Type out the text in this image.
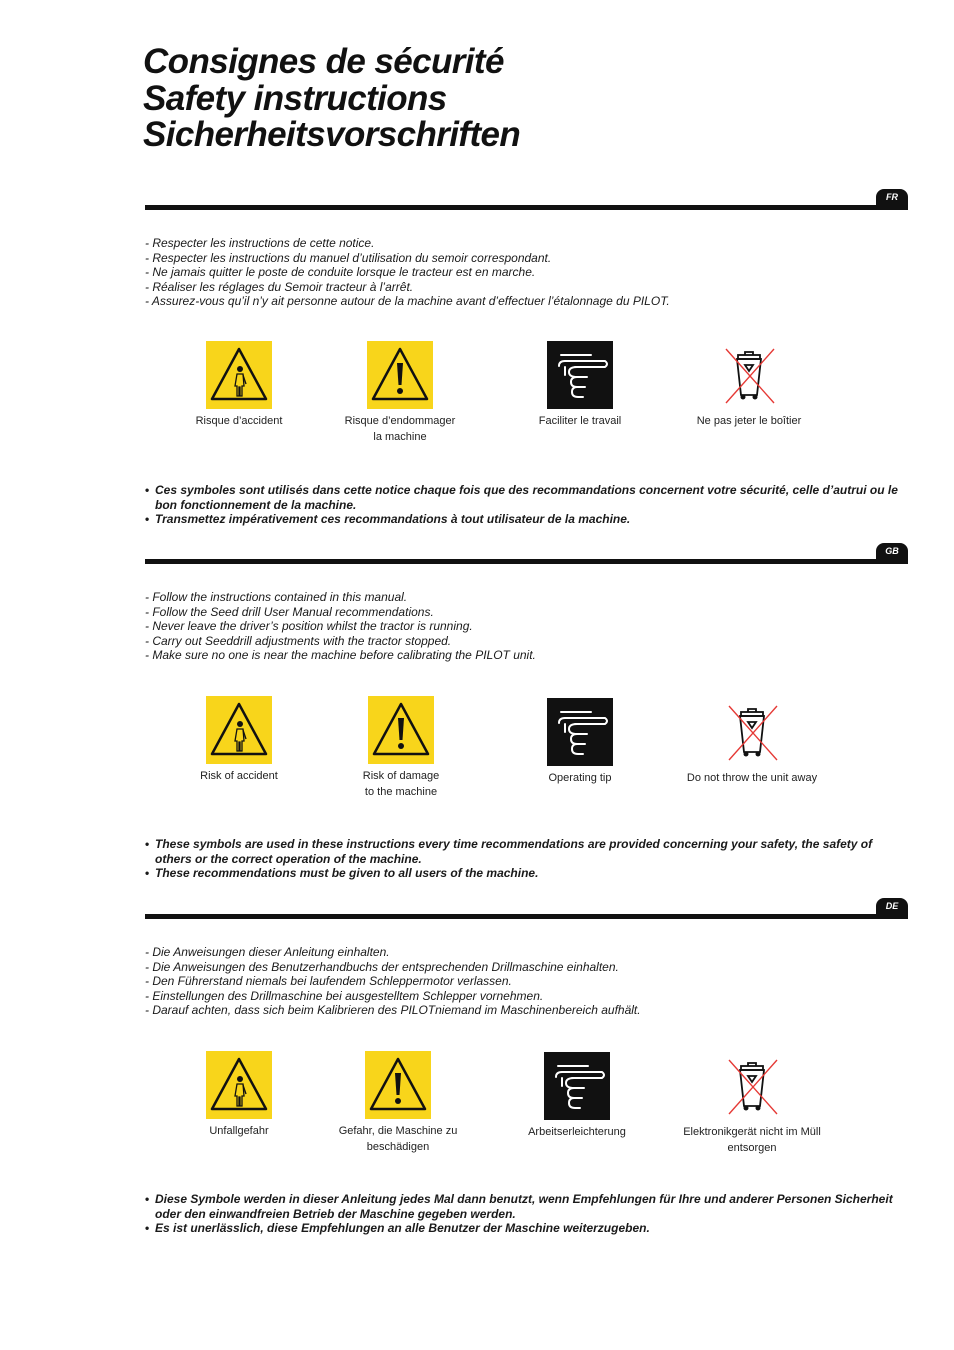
Consignes de sécurité
Safety instructions
Sicherheitsvorschriften
FR
- Respecter les instructions de cette notice.
- Respecter les instructions du manuel d’utilisation du semoir correspondant.
- Ne jamais quitter le poste de conduite lorsque le tracteur est en marche.
- Réaliser les réglages du Semoir tracteur à l’arrêt.
- Assurez-vous qu’il n’y ait personne autour de la machine avant d’effectuer l’étalonnage du PILOT.
Risque d’accident	Risque d’endommager
la machine
Faciliter le travail	Ne pas jeter le boîtier
• Ces symboles sont utilisés dans cette notice chaque fois que des recommandations concernent votre sécurité, celle d’autrui ou le bon fonctionnement de la machine.
• Transmettez impérativement ces recommandations à tout utilisateur de la machine.
GB
- Follow the instructions contained in this manual.
- Follow the Seed drill User Manual recommendations.
- Never leave the driver’s position whilst the tractor is running.
- Carry out Seeddrill adjustments with the tractor stopped.
- Make sure no one is near the machine before calibrating the PILOT unit.
Risk of accident	Risk of damage
to the machine
Operating tip	Do not throw the unit away
• These symbols are used in these instructions every time recommendations are provided concerning your safety, the safety of others or the correct operation of the machine.
• These recommendations must be given to all users of the machine.
DE
- Die Anweisungen dieser Anleitung einhalten.
- Die Anweisungen des Benutzerhandbuchs der entsprechenden Drillmaschine einhalten.
- Den Führerstand niemals bei laufendem Schleppermotor verlassen.
- Einstellungen des Drillmaschine bei ausgestelltem Schlepper vornehmen.
- Darauf achten, dass sich beim Kalibrieren des PILOTniemand im Maschinenbereich aufhält.
Unfallgefahr	Gefahr, die Maschine zu
beschädigen
Arbeitserleichterung	Elektronikgerät nicht im Müll
entsorgen
• Diese Symbole werden in dieser Anleitung jedes Mal dann benutzt, wenn Empfehlungen für Ihre und anderer Personen Sicherheit oder den einwandfreien Betrieb der Maschine gegeben werden.
• Es ist unerlässlich, diese Empfehlungen an alle Benutzer der Maschine weiterzugeben.
